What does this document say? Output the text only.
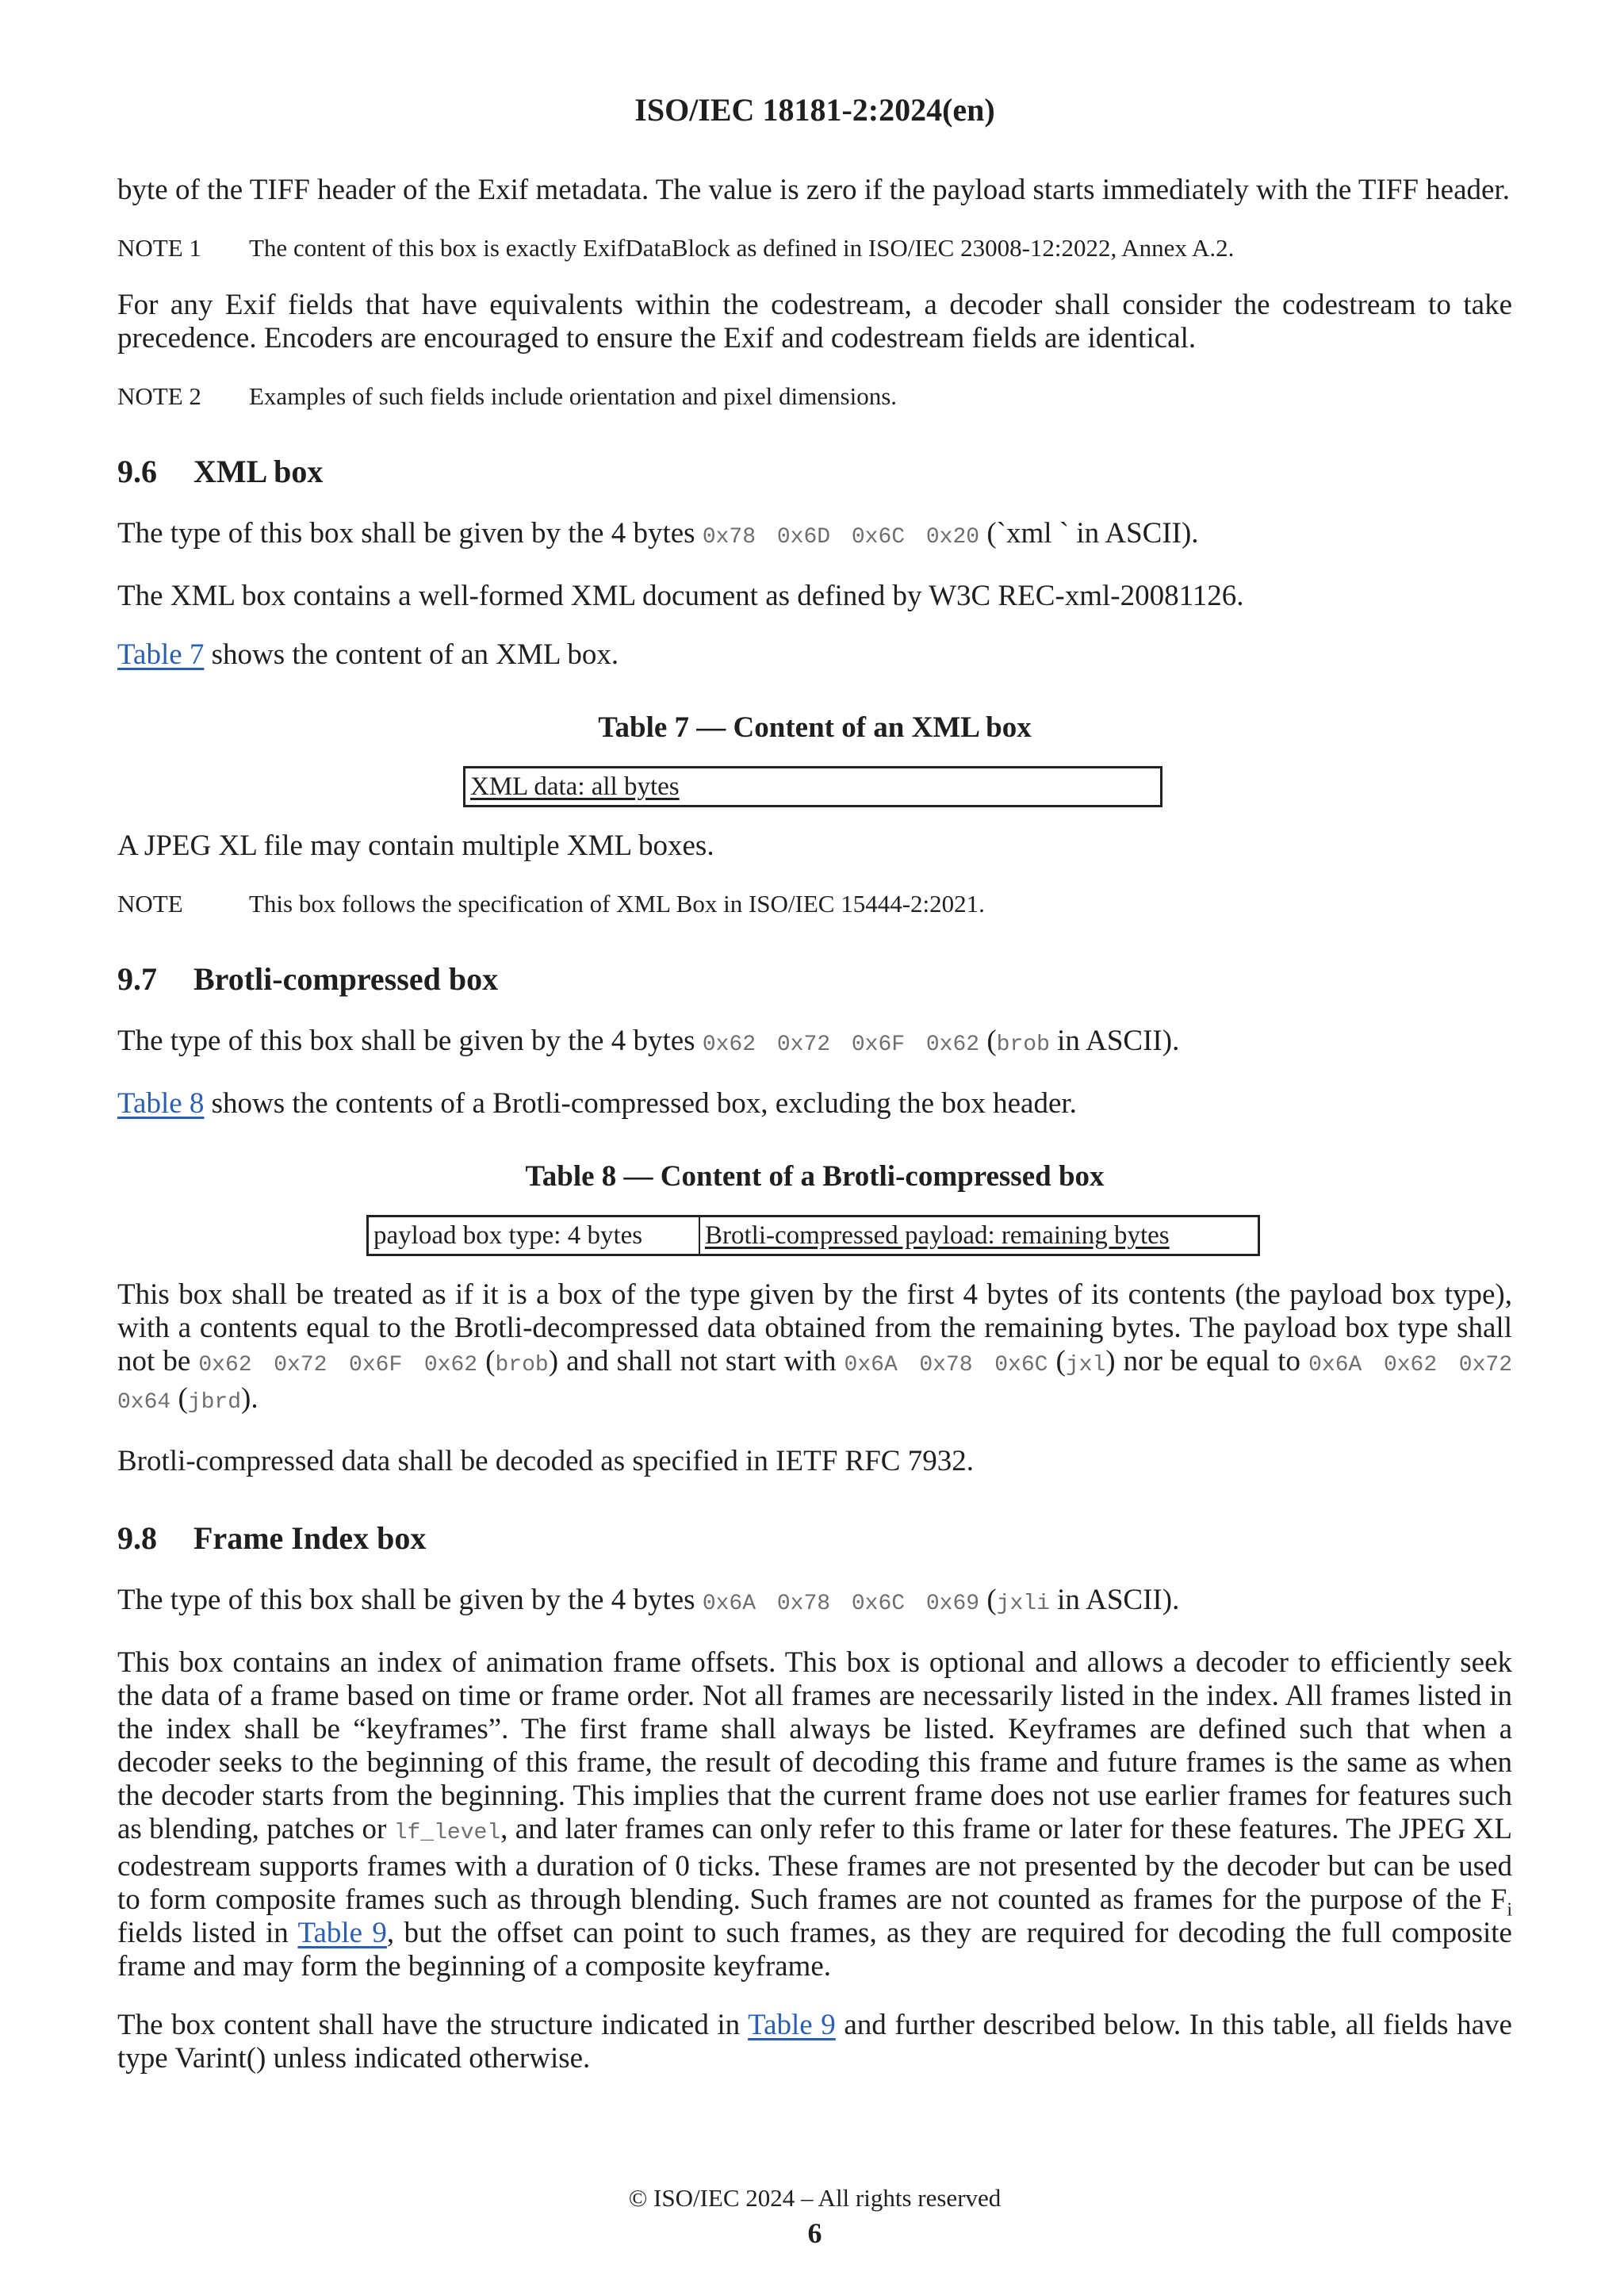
ISO/IEC 18181-2:2024(en)

byte of the TIFF header of the Exif metadata. The value is zero if the payload starts immediately with the TIFF header.

NOTE 1	The content of this box is exactly ExifDataBlock as defined in ISO/IEC 23008-12:2022, Annex A.2.

For any Exif fields that have equivalents within the codestream, a decoder shall consider the codestream to take precedence. Encoders are encouraged to ensure the Exif and codestream fields are identical.

NOTE 2	Examples of such fields include orientation and pixel dimensions.
9.6	XML box

The type of this box shall be given by the 4 bytes 0x78 0x6D 0x6C 0x20 (`xml ` in ASCII).

The XML box contains a well-formed XML document as defined by W3C REC-xml-20081126.

Table 7 shows the content of an XML box.

Table 7 — Content of an XML box
XML data: all bytes

A JPEG XL file may contain multiple XML boxes.

NOTE	This box follows the specification of XML Box in ISO/IEC 15444-2:2021.
9.7	Brotli-compressed box

The type of this box shall be given by the 4 bytes 0x62 0x72 0x6F 0x62 (brob in ASCII).

Table 8 shows the contents of a Brotli-compressed box, excluding the box header.

Table 8 — Content of a Brotli-compressed box
payload box type: 4 bytes Brotli-compressed payload: remaining bytes

This box shall be treated as if it is a box of the type given by the first 4 bytes of its contents (the payload box type), with a contents equal to the Brotli-decompressed data obtained from the remaining bytes. The payload box type shall not be 0x62 0x72 0x6F 0x62 (brob) and shall not start with 0x6A 0x78 0x6C (jxl) nor be equal to 0x6A 0x62 0x72 0x64 (jbrd).

Brotli-compressed data shall be decoded as specified in IETF RFC 7932.

9.8	Frame Index box

The type of this box shall be given by the 4 bytes 0x6A 0x78 0x6C 0x69 (jxli in ASCII).

This box contains an index of animation frame offsets. This box is optional and allows a decoder to efficiently seek the data of a frame based on time or frame order. Not all frames are necessarily listed in the index. All frames listed in the index shall be “keyframes”. The first frame shall always be listed. Keyframes are defined such that when a decoder seeks to the beginning of this frame, the result of decoding this frame and future frames is the same as when the decoder starts from the beginning. This implies that the current frame does not use earlier frames for features such as blending, patches or lf_level, and later frames can only refer to this frame or later for these features. The JPEG XL codestream supports frames with a duration of 0 ticks. These frames are not presented by the decoder but can be used to form composite frames such as through blending. Such frames are not counted as frames for the purpose of the $F_i$ fields listed in Table 9, but the offset can point to such frames, as they are required for decoding the full composite frame and may form the beginning of a composite keyframe.

The box content shall have the structure indicated in Table 9 and further described below. In this table, all fields have type Varint() unless indicated otherwise.

© ISO/IEC 2024 – All rights reserved
6
